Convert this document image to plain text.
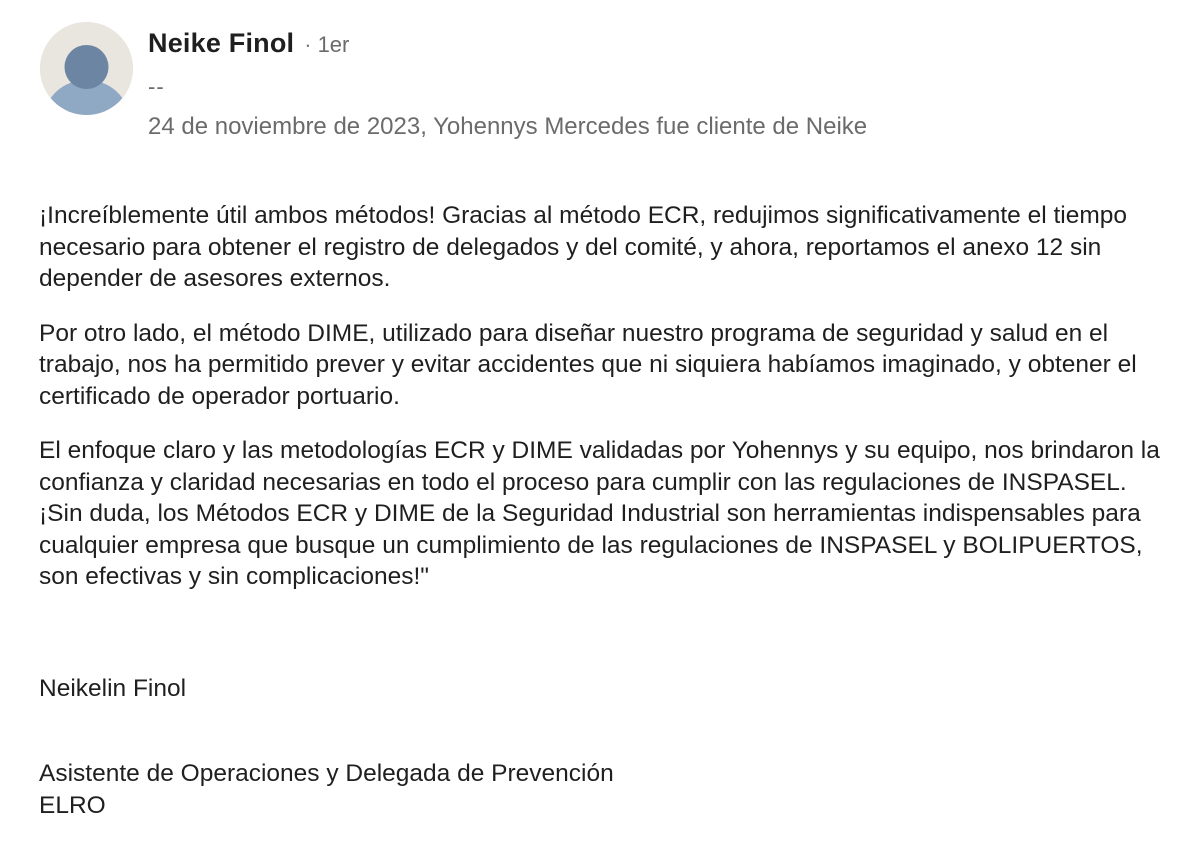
Neike Finol · 1er
--
24 de noviembre de 2023, Yohennys Mercedes fue cliente de Neike

¡Increíblemente útil ambos métodos! Gracias al método ECR, redujimos significativamente el tiempo necesario para obtener el registro de delegados y del comité, y ahora, reportamos el anexo 12 sin depender de asesores externos.

Por otro lado, el método DIME, utilizado para diseñar nuestro programa de seguridad y salud en el trabajo, nos ha permitido prever y evitar accidentes que ni siquiera habíamos imaginado, y obtener el certificado de operador portuario.

El enfoque claro y las metodologías ECR y DIME validadas por Yohennys y su equipo, nos brindaron la confianza y claridad necesarias en todo el proceso para cumplir con las regulaciones de INSPASEL. ¡Sin duda, los Métodos ECR y DIME de la Seguridad Industrial son herramientas indispensables para cualquier empresa que busque un cumplimiento de las regulaciones de INSPASEL y BOLIPUERTOS, son efectivas y sin complicaciones!"

Neikelin Finol
Asistente de Operaciones y Delegada de Prevención
ELRO
